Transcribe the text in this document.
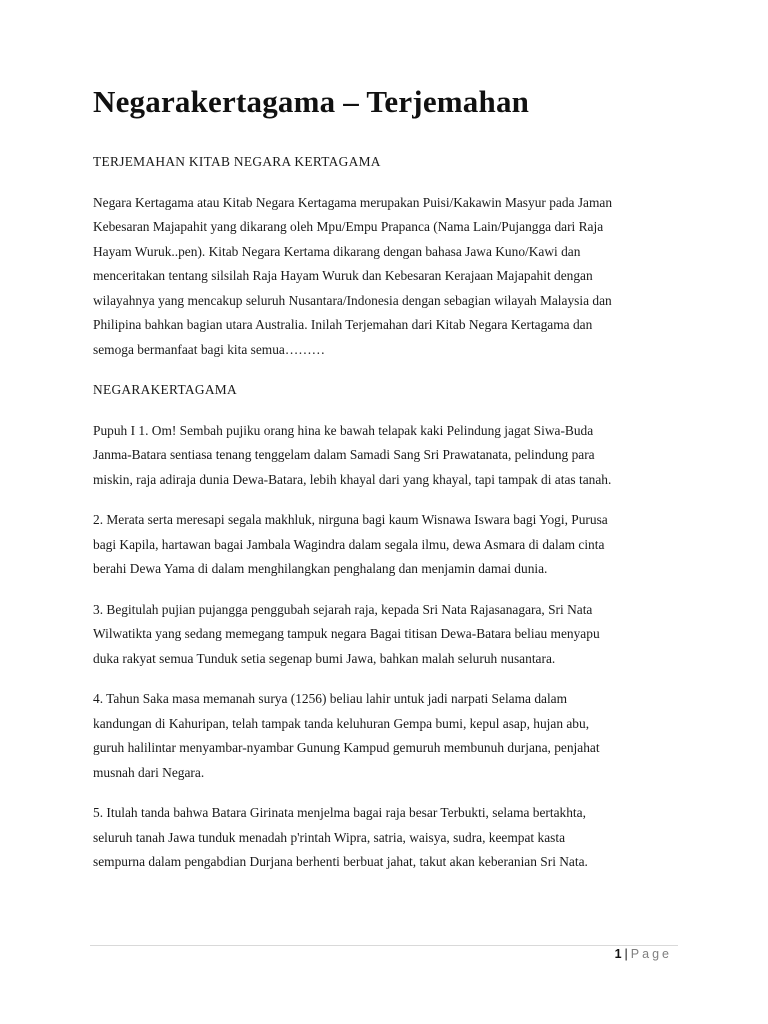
Negarakertagama – Terjemahan

TERJEMAHAN KITAB NEGARA KERTAGAMA

Negara Kertagama atau Kitab Negara Kertagama merupakan Puisi/Kakawin Masyur pada Jaman
Kebesaran Majapahit yang dikarang oleh Mpu/Empu Prapanca (Nama Lain/Pujangga dari Raja
Hayam Wuruk..pen). Kitab Negara Kertama dikarang dengan bahasa Jawa Kuno/Kawi dan
menceritakan tentang silsilah Raja Hayam Wuruk dan Kebesaran Kerajaan Majapahit dengan
wilayahnya yang mencakup seluruh Nusantara/Indonesia dengan sebagian wilayah Malaysia dan
Philipina bahkan bagian utara Australia. Inilah Terjemahan dari Kitab Negara Kertagama dan
semoga bermanfaat bagi kita semua………

NEGARAKERTAGAMA

Pupuh I 1. Om! Sembah pujiku orang hina ke bawah telapak kaki Pelindung jagat Siwa-Buda
Janma-Batara sentiasa tenang tenggelam dalam Samadi Sang Sri Prawatanata, pelindung para
miskin, raja adiraja dunia Dewa-Batara, lebih khayal dari yang khayal, tapi tampak di atas tanah.

2. Merata serta meresapi segala makhluk, nirguna bagi kaum Wisnawa Iswara bagi Yogi, Purusa
bagi Kapila, hartawan bagai Jambala Wagindra dalam segala ilmu, dewa Asmara di dalam cinta
berahi Dewa Yama di dalam menghilangkan penghalang dan menjamin damai dunia.

3. Begitulah pujian pujangga penggubah sejarah raja, kepada Sri Nata Rajasanagara, Sri Nata
Wilwatikta yang sedang memegang tampuk negara Bagai titisan Dewa-Batara beliau menyapu
duka rakyat semua Tunduk setia segenap bumi Jawa, bahkan malah seluruh nusantara.

4. Tahun Saka masa memanah surya (1256) beliau lahir untuk jadi narpati Selama dalam
kandungan di Kahuripan, telah tampak tanda keluhuran Gempa bumi, kepul asap, hujan abu,
guruh halilintar menyambar-nyambar Gunung Kampud gemuruh membunuh durjana, penjahat
musnah dari Negara.

5. Itulah tanda bahwa Batara Girinata menjelma bagai raja besar Terbukti, selama bertakhta,
seluruh tanah Jawa tunduk menadah p'rintah Wipra, satria, waisya, sudra, keempat kasta
sempurna dalam pengabdian Durjana berhenti berbuat jahat, takut akan keberanian Sri Nata.

1 | Page
